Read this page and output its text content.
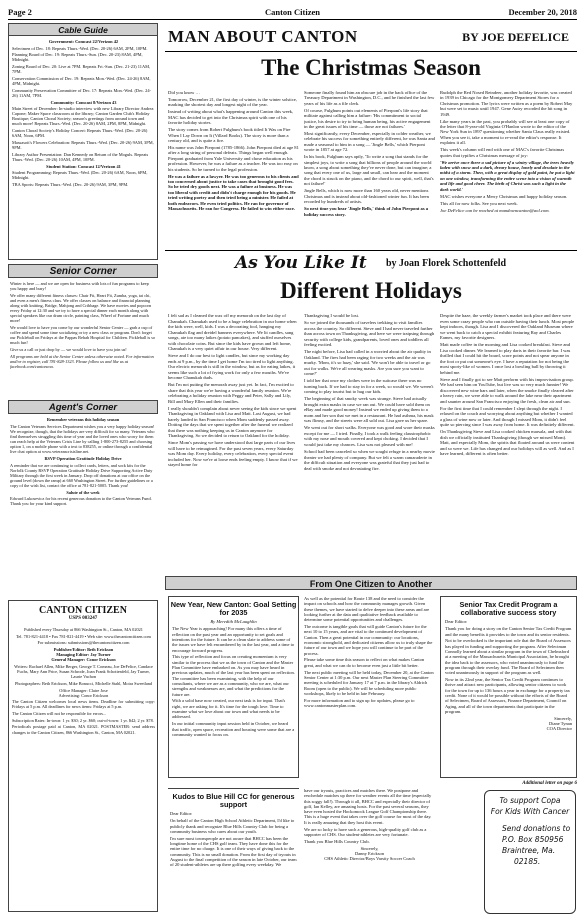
Page 2	Canton Citizen	December 20, 2018
Cable Guide

Government: Comcast 22/Verizon 42

Selectmen of Dec. 18: Repeats Thurs.-Wed. (Dec. 20-26) 6AM, 2PM, 10PM.

Planning Board of Dec. 19: Repeats Thurs.-Sun. (Dec. 20-23) 8AM, 4PM, Midnight.

Zoning Board of Dec. 20: Live at 7PM. Repeats Fri.-Sun. (Dec. 21-23) 11AM, 7PM.

Conservation Commission of Dec. 19: Repeats Mon.-Wed. (Dec. 24-26) 8AM, 4PM, Midnight.

Community Preservation Committee of Dec. 17: Repeats Mon.-Wed. (Dec. 24-26) 11AM, 7PM.

Community: Comcast 8/Verizon 43

Main Street of December: In-studio interview with new Library Director Andrea Capone; Maker Space classroom at the library; Canton Garden Club's Holiday Boutique; Canton Choral Society; season's greetings from around town and much more! Repeats Thurs.-Wed. (Dec. 20-26) 8AM, 2PM, 8PM, Midnight.

Canton Choral Society's Holiday Concert: Repeats Thurs.-Wed. (Dec. 20-26) 6AM, Noon, 6PM.

Massasoit's Flowers Celebration: Repeats Thurs.-Wed. (Dec. 20-26) 9AM, 3PM, 9PM.

Library Author Presentation: Dan Kennedy on Return of the Moguls. Repeats Thurs.-Wed. (Dec. 20-26) 10AM, 4PM, 10PM.

Student Station: Comcast 12/Verizon 41

Student Programming: Repeats Thurs.-Wed. (Dec. 20-26) 6AM, Noon, 6PM, Midnight.

TBA Sports: Repeats Thurs.-Wed. (Dec. 20-26) 9AM, 3PM, 9PM.

Senior Corner

Winter is here — and we are open for business with lots of fun programs to keep you happy and busy!

We offer many different fitness classes: Chair Fit, Heart Fit, Zumba, yoga, tai chi, and even a men's fitness class. We offer classes on balance and financial planning along with knitting, Bridge, Mahjong and Cribbage. We have movies and popcorn every Friday at 12:30 and we try to have a special dinner each month along with special speakers like our drum circle, painting class, Wheel of Fortune and much more!

We would love to have you come by our wonderful Senior Center — grab a cup of coffee and spend some time socializing or try a new class or program. Don't forget our Pickleball on Fridays at the Pappas Rehab Hospital for Children. Pickleball is so much fun!

Give us a call or just drop by — we would love to have you join us!

All programs are held at the Senior Center unless otherwise noted. For information and/or to register, call 781-828-1323. Please follow us and like us at facebook.com/cantoncoa.

Agent's Corner

Remember veterans this holiday season

The Canton Veterans Services Department wishes you a very happy holiday season! We recognize, though, that the holidays are very difficult for so many. Veterans who find themselves struggling this time of year and the loved ones who worry for them can reach help at the Veterans Crisis Line by calling 1-800-273-8255 and choosing option 1, on a mobile phone with a text to 838255, or online through a confidential live chat option at www.veteranscrisisline.net.

RSVP Operation Gratitude Holiday Drive

A reminder that we are continuing to collect cards, letters, and sock kits for the Norfolk County RSVP Operation Gratitude Holiday Drive Supporting Active Duty Military through the first week in January. Drop off donations at our office on the ground level (down the ramp) at 660 Washington Street. For further guidelines or a copy of the wish list, contact the office at 781-821-5005. Thank you!

Salute of the week

Edward Lukosevicz for his recent generous donation to the Canton Veterans Fund. Thank you for your kind support.

CANTON CITIZEN
USPS 003247

Published every Thursday at 866 Washington St., Canton, MA 02021

Tel. 781-821-4418 • Fax 781-821-4419 • Web site: www.thecantoncitizen.com

For submissions: submissions@thecantoncitizen.com

Publisher/Editor: Beth Erickson

Managing Editor: Jay Turner

General Manager: Conor Erickson

Writers: Rachael Allen, Mike Berger, George T. Comeau, Joe DeFelice, Candace Fuchs, Mary Ann Price, Susan Schrode, Joan Frank Schottenfeld, Jay Turner, Laurie Vachon

Photographers: Beth Erickson, Mike Bonucci, Michelle Stahl, Moira Sweetland

Office Manager: Claire Jose

Advertising: Conor Erickson

The Canton Citizen welcomes local news items. Deadline for submitting copy: Fridays at 5 p.m. All deadlines for news items: Fridays at 5 p.m.

The Canton Citizen will not be responsible for errors...

Subscription Rates: In-town: 1 yr. $30; 2 yr. $60; out-of-town: 1 yr. $42; 2 yr. $78.

Periodicals postage paid at Canton, MA 02021. POSTMASTER: send address changes to the Canton Citizen, 866 Washington St., Canton, MA 02021.

MAN ABOUT CANTON	BY JOE DEFELICE
The Christmas Season

Did you know …

Tomorrow, December 21, the first day of winter, is the winter solstice, marking the shortest day and longest night of the year.

Instead of writing about what's happening around Canton this week, MAC has decided to get into the Christmas spirit with one of his favorite holiday stories.

The story comes from Robert Fulghum's book titled It Was on Fire When I Lay Down on It (Villard Books). The story is more than a century old, and is quite a fire.

His name was John Pierpont (1785-1866). John Pierpont died at age 81 after a long string of personal defeats. Things began well enough. Pierpont graduated from Yale University and chose education as his profession. However, he was a failure as a teacher. He was too easy on his students. So he turned to the legal profession.

He was a failure as a lawyer. He was too generous to his clients and too concerned about justice to take cases that brought good fees. So he tried dry goods next. He was a failure at business. He was too liberal with credit and didn't charge enough for his goods. He tried writing poetry and then tried being a minister. He failed at both endeavors. He even tried politics. He ran for governor of Massachusetts. He ran for Congress. He failed to win either race.

Someone finally found him an obscure job in the back office of the Treasury Department in Washington, D.C., and he finished the last few years of his life as a file clerk.

Of course, Fulghum points out elements of Pierpont's life story that militate against calling him a failure: 'His commitment to social justice, his desire to try to bring human being, his active engagement in the great issues of his time — those are not failures.'

Most significantly, every December, especially in colder weather, we celebrate his success for something entirely different, he was Santa and made a seasonal to him in a song — 'Jingle Bells,' which Pierpont wrote in 1857 at age 72.

In his book, Fulghum says aptly, 'To write a song that stands for the simplest joys, to write a song that billions of people around the world know, a song about something they've never done, but can imagine; a song that every one of us, large and small, can hear and the moment the chord is struck on the piano, and the chord to our spirit, well, that's not failure!'

Jingle Bells, which is now more than 160 years old, never mentions Christmas and is instead about old-fashioned winter fun. It has been recorded by hundreds of artists.

So next time you hear 'Jingle Bells,' think of John Pierpont as a holiday success story.

Rudolph the Red Nosed Reindeer, another holiday favorite, was created in 1939 in Chicago for the Montgomery Department Stores for a Christmas promotion. The lyrics were written as a poem by Robert May but were set to music until 1947. Gene Autry recorded the hit song in 1949.

Like many years in the past, you probably will see at least one copy of the letter that 8-year-old Virginia O'Hanlon wrote to the editor of the New York Sun in 1897 questioning whether Santa Claus really existed. When you see it, take a moment to re-read the editor's response. It explains it all.

This week's column will end with one of MAC's favorite Christmas quotes that typifies a Christmas message of joy:

'We arrive once there a sad picture of a wintry village, the trees heavily laden with snow and a dark, dreary house, lonely and desolate in the midst of a storm. Then, with a great display of gold paint, he put a light on one window, transforming the entire scene into a vision of warmth and life and good cheer. The birth of Christ was such a light in the dark world.'

MAC wishes everyone a Merry Christmas and happy holiday season.

This all for now folks. See you next week.

Joe DeFelice can be reached at mandowncanton@aol.com.

As You Like It by Joan Florek Schottenfeld
Different Holidays

I felt sad as I cleaned the wax off my menorah on the last day of Chanukah. Chanukah used to be a huge celebration in our home when the kids were, well, kids. I was a decorating fool, hanging my Chanukah flag and dreidel banners everywhere. We lit candles, sang songs, ate too many latkes (potato pancakes), and stuffed ourselves with chocolate coins. But since the kids have grown and left home, Chanukah is a very quiet affair in our house. Very different.

Steve and I do our best to light candles, but since my working day ends at 9 p.m., by the time I get home I'm too tired to light anything. Our electric menorah is still in the window, but as for eating latkes, it seems like such a lot of frying work for only a few mouths. We've become Chanukah duds.

But I'm not putting the menorah away just yet. In fact, I'm excited to share that this year we're having a wonderful family reunion. We're celebrating a holiday reunion with Peggy and Peter, Sally and Lily, Bill and Mary Ellen and their families.

I really shouldn't complain about never seeing the kids since we spent Thanksgiving in Oakland with Lisa and Matt. Last August, we had barely landed in San Francisco when Mom suddenly passed away. Dotting the days that we spent together after the funeral we realized that there was nothing keeping us in Canton anymore for Thanksgiving. So we decided to return to Oakland for the holiday.

Since Mom's passing we have understood that large parts of our lives will have to be reimagined. For the past seven years, every Saturday was Mom day. Every holiday, every celebration, every special event included her. Now we're at loose ends feeling empty. I know that if we stayed home for

Thanksgiving I would be lost.

So we joined the thousands of travelers trekking to visit families across the country. So different. Steve and I had never traveled farther than across town on Thanksgiving, and here we were traipsing through security with college kids, grandparents, loved ones and toddlers all feeling excited.

The night before, Lisa had called in a worried about the air quality in Oakland. The fires had been raging for two weeks and the air was murky. 'Mom, it's so hazy,' she said. 'We won't be able to travel or go out for walks. We're all wearing masks. Are you sure you want to come?'

I told her that once my clothes were in the suitcase there was no turning back. If we had to stay in for a week, so would we. We weren't coming to play tourist but to hug our kids.

The beginning of that smoky week was strange. Steve had actually brought extra masks in case we ran out. We could have sold them on eBay and made good money! Instead we ended up giving them to a mom and her son that we met in a restaurant. He had asthma, his mask was flimsy, and the streets were all sold out. Lisa gave us her spare.

We went out for short walks. Everyone was good and wore their masks except for me — I tried. Finally, I took a walk feeling claustrophobic with my nose and mouth covered and kept choking. I decided that I would just take my chances. Lisa was not pleased with me!

School had been canceled so when we sought refuge in a nearby movie theater we had plenty of company. But we felt a warm camaraderie in the difficult situation and everyone was grateful that they just had to deal with smoke and not devastating fire.

Despite the haze, the weekly farmer's market took place and there were even some crazy people who ran outside having their lunch. Most people kept indoors, though. Lisa and I discovered the Oakland Museum where we went back to catch a special exhibit featuring Ray and Charles Eames, my favorite designers.

Matt made coffee in the morning and Lisa cooked breakfast. Steve and Lisa cooked dinner. We learned to play darts in their favorite bar. I was thrilled that I could hit the board, score points and not spear anyone in the foot or put out someone's eye. I have a reputation for not being the most sporty-like of women. I once lost a bowling ball by throwing it behind me.

Steve and I finally got to see Matt perform with his improvisation group. We had seen him on YouTube, but live was so very much funnier! We discovered new wine bars and later, when the smoke finally cleared after a heavy rain, we were able to walk around the lake near their apartment and saunter around San Francisco enjoying the fresh, clean air and sun.

For the first time that I could remember I slept through the night. I relaxed on the couch and worrying about anything but whether I wanted a glass of wine now or later. And though I missed Mom, it didn't feel quite so piercing since I was away from home. It was definitely different.

On Thanksgiving Steve and Lisa cooked chicken marsala, and with that dish we officially instituted Thanksgiving (though we missed Mom). Matt, and especially Mom, the spirits that floated around us were content and so were we. Life has changed and our holidays will as well. And as I have learned, different is often better.

From One Citizen to Another
New Year, New Canton: Goal Setting for 2035
By Meredith McLaughlin

The New Year is approaching! For many this offers a time of reflection on the past year and an opportunity to set goals and intentions for the future. It can be a clean slate to address some of the issues we have felt encumbered by in the last year, and a time to encourage forward progress.

This type of reflection and focus on creating momentum is very similar to the process that we as the town of Canton and the Master Plan Committee have embarked on. As you may have heard in previous updates, much of the last year has been spent on reflection. The committee has been examining, with the help of our consultants, where we are as a community, who we are, what our strengths and weaknesses are, and what the predictions for the future are.

With a solid base now created, our next task is for input. That's right, we are asking for it. It's time for the tough love. Time to examine what we love about our town and what needs to be addressed.

In our initial community input session held in October, we heard that traffic, open space, recreation and housing were some that are a community wanted to focus on.

As well as the potential for Route 138 and the need to consider the impact on schools and how the community manages growth. Given these themes, we have started to delve deeper into these areas and are looking further at the data and qualitative feedback available to determine some potential opportunities and challenges.

The outcome is tangible goals that will guide Canton's future for the next 10 to 15 years, and are vital to the continued development of Canton. Then a great potential in our community: our locations, economic stronghold, and dedicated citizens allow us to truly shape the future of our town and we hope you will continue to be part of the process.

Please take some time this season to reflect on what makes Canton great, and what we can do to become even just a little bit better.

The next public meeting will be held today, December 20, at the Canton Senior Center at 1:30 p.m. Our next Master Plan Steering Committee meeting is scheduled for January 17 at 7 p.m. in the library's Aldrich Room (open to the public). We will be scheduling more public workshops, likely to be held in late February.

For more information and to sign up for updates, please go to www.cantonmasterplan.com.

Senior Tax Credit Program a collaborative success story

Dear Editor:

Thank you for doing a story on the Canton Senior Tax Credit Program and the many benefits it provides to the town and its senior residents.

Not to be overlooked is the important role that the Board of Assessors has played in funding and supporting the program. After Selectman Connolly learned about a similar program in the town of Chelmsford at a meeting of the Massachusetts Municipal Association, he brought the idea back to the assessors, who voted unanimously to fund the program through their overlay fund. The Board of Selectmen then voted unanimously in support of the program as well.

Now in its 22nd year, the Senior Tax Credit Program continues to thrive and attract new participants, allowing senior citizens to work for the town for up to 136 hours a year in exchange for a property tax credit. None of it would be possible without the efforts of the Board of Selectmen, Board of Assessors, Finance Department, Council on Aging, and all of the town departments that participate in the program.

Sincerely,

Diane Tynan

COA Director

Additional letter on page 6
Kudos to Blue Hill CC for generous support

Dear Editor:

On behalf of the Canton High School Athletic Department, I'd like to publicly thank and recognize Blue Hills Country Club for being a community business who cares about our youth.

I'm sure most townspeople are not aware that BHCC has been the longtime home of the CHS golf team. They have done this for the entire time for no charge. It is one of their ways of giving back to the community. This is no small donation. From the first day of tryouts in August to the final competition of the season in late October, our team of 20 student-athletes are up there golfing every weekday. We

have our tryouts, practices and matches there. We postpone and reschedule matches up there for weather events all the time (especially this soggy fall!). Through it all, BHCC and especially their director of golf, Ian Kelley, are amazing hosts. For the past several seasons, they have even hosted the Hockomock League Golf Championship there. This is a huge event that takes over the golf course for most of the day. It is really amazing that they host this event.

We are so lucky to have such a generous, high-quality golf club as a supporter of CHS. Our student-athletes are very fortunate.

Thank you Blue Hills Country Club.

Sincerely,

Danny Erickson

CHS Athletic Director/Boys Varsity Soccer Coach

To support Copa
For Kids With Cancer
Send donations to
P.O. Box 850956
Braintree, Ma.
02185.
